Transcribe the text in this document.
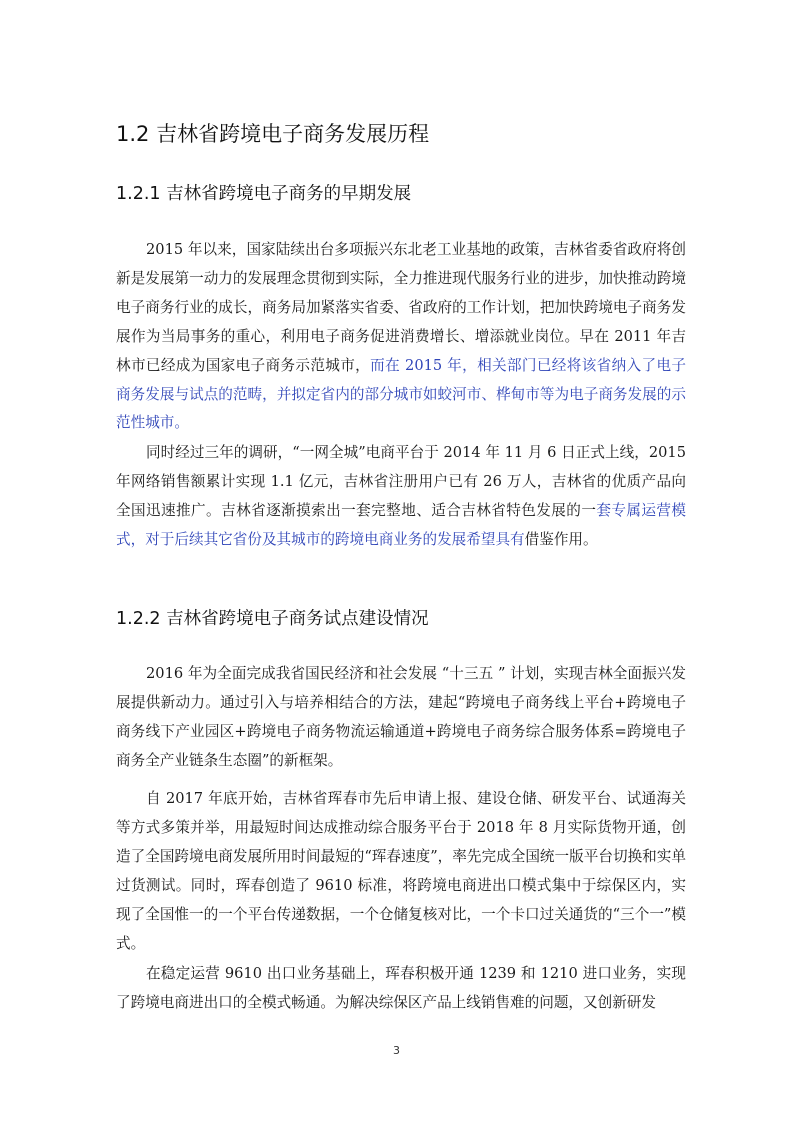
1.2 吉林省跨境电子商务发展历程
1.2.1 吉林省跨境电子商务的早期发展
2015 年以来，国家陆续出台多项振兴东北老工业基地的政策，吉林省委省政府将创新是发展第一动力的发展理念贯彻到实际，全力推进现代服务行业的进步，加快推动跨境电子商务行业的成长，商务局加紧落实省委、省政府的工作计划，把加快跨境电子商务发展作为当局事务的重心，利用电子商务促进消费增长、增添就业岗位。早在 2011 年吉林市已经成为国家电子商务示范城市，而在 2015 年，相关部门已经将该省纳入了电子商务发展与试点的范畴，并拟定省内的部分城市如蛟河市、桦甸市等为电子商务发展的示范性城市。
同时经过三年的调研，“一网全城”电商平台于 2014 年 11 月 6 日正式上线，2015 年网络销售额累计实现 1.1 亿元，吉林省注册用户已有 26 万人，吉林省的优质产品向全国迅速推广。吉林省逐渐摸索出一套完整地、适合吉林省特色发展的一套专属运营模式，对于后续其它省份及其城市的跨境电商业务的发展希望具有借鉴作用。
1.2.2 吉林省跨境电子商务试点建设情况
2016 年为全面完成我省国民经济和社会发展 “十三五 ” 计划，实现吉林全面振兴发展提供新动力。通过引入与培养相结合的方法，建起“跨境电子商务线上平台+跨境电子商务线下产业园区+跨境电子商务物流运输通道+跨境电子商务综合服务体系=跨境电子商务全产业链条生态圈”的新框架。
自 2017 年底开始，吉林省珲春市先后申请上报、建设仓储、研发平台、试通海关等方式多策并举，用最短时间达成推动综合服务平台于 2018 年 8 月实际货物开通，创造了全国跨境电商发展所用时间最短的“珲春速度”，率先完成全国统一版平台切换和实单过货测试。同时，珲春创造了 9610 标准，将跨境电商进出口模式集中于综保区内，实现了全国惟一的一个平台传递数据，一个仓储复核对比，一个卡口过关通货的“三个一”模式。
在稳定运营 9610 出口业务基础上，珲春积极开通 1239 和 1210 进口业务，实现了跨境电商进出口的全模式畅通。为解决综保区产品上线销售难的问题，又创新研发
3
